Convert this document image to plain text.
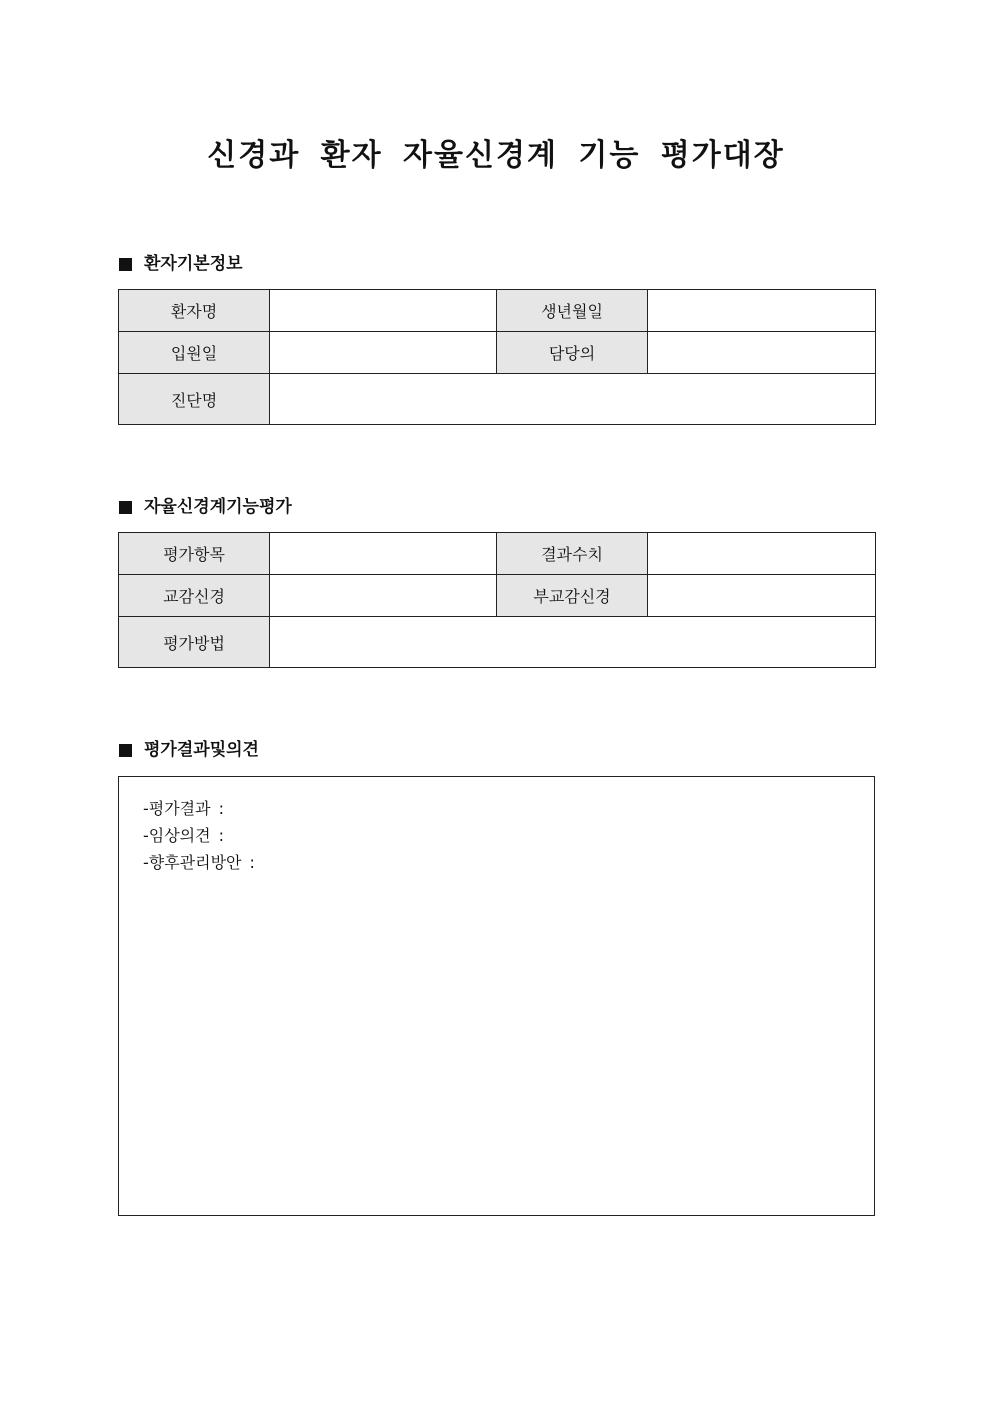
신경과 환자 자율신경계 기능 평가대장
환자기본정보
환자명		생년월일	
입원일		담당의	
진단명			
자율신경계기능평가
평가항목		결과수치	
교감신경		부교감신경	
평가방법			
평가결과및의견
-평가결과 :
-임상의견 :
-향후관리방안 :
